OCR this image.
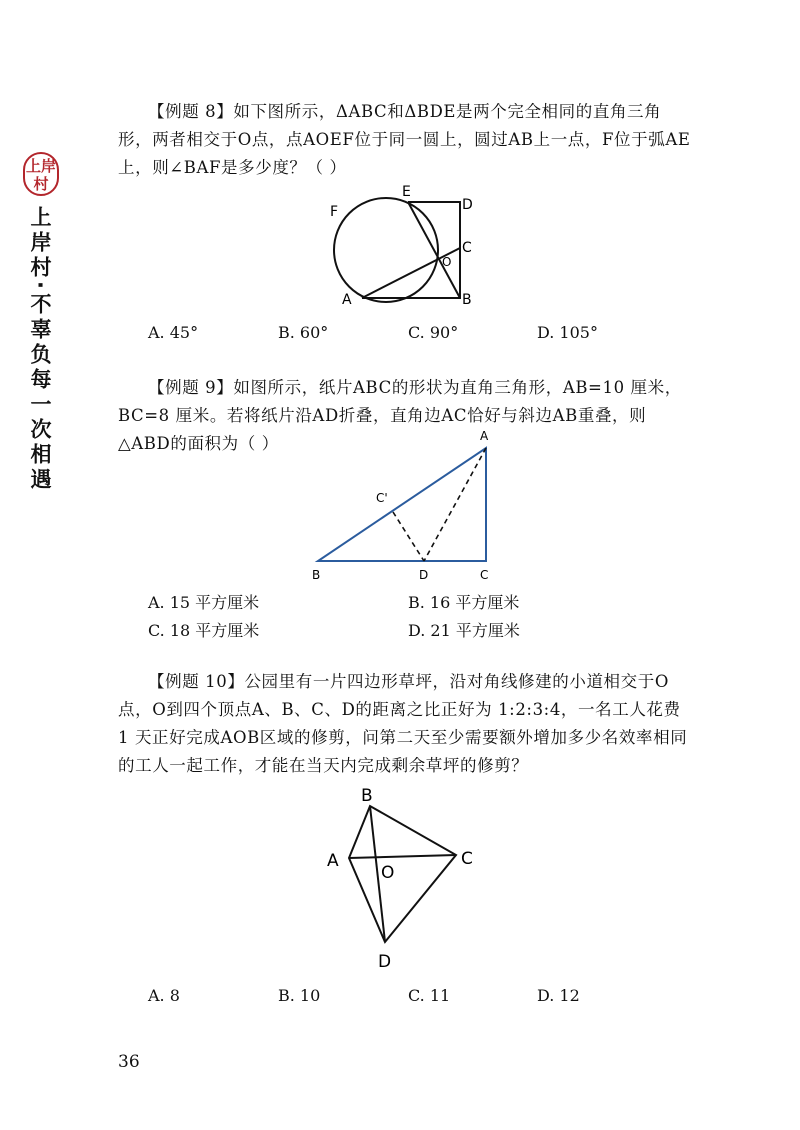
上岸
村
上岸村·不辜负每一次相遇

【例题 8】如下图所示，ΔABC和ΔBDE是两个完全相同的直角三角形，两者相交于O点，点AOEF位于同一圆上，圆过AB上一点，F位于弧AE上，则∠BAF是多少度？（ ）

F
E
D
C
O
A	B
A. 45°	B. 60°	C. 90°	D. 105°

【例题 9】如图所示，纸片ABC的形状为直角三角形，AB=10 厘米，BC=8 厘米。若将纸片沿AD折叠，直角边AC恰好与斜边AB重叠，则△ABD的面积为（ ）	A
C'
B	D	C
A. 15 平方厘米	B. 16 平方厘米
C. 18 平方厘米	D. 21 平方厘米

【例题 10】公园里有一片四边形草坪，沿对角线修建的小道相交于O点，O到四个顶点A、B、C、D的距离之比正好为 1:2:3:4，一名工人花费 1 天正好完成AOB区域的修剪，问第二天至少需要额外增加多少名效率相同的工人一起工作，才能在当天内完成剩余草坪的修剪？

B
A
O
C
D
A. 8	B. 10	C. 11	D. 12
36
